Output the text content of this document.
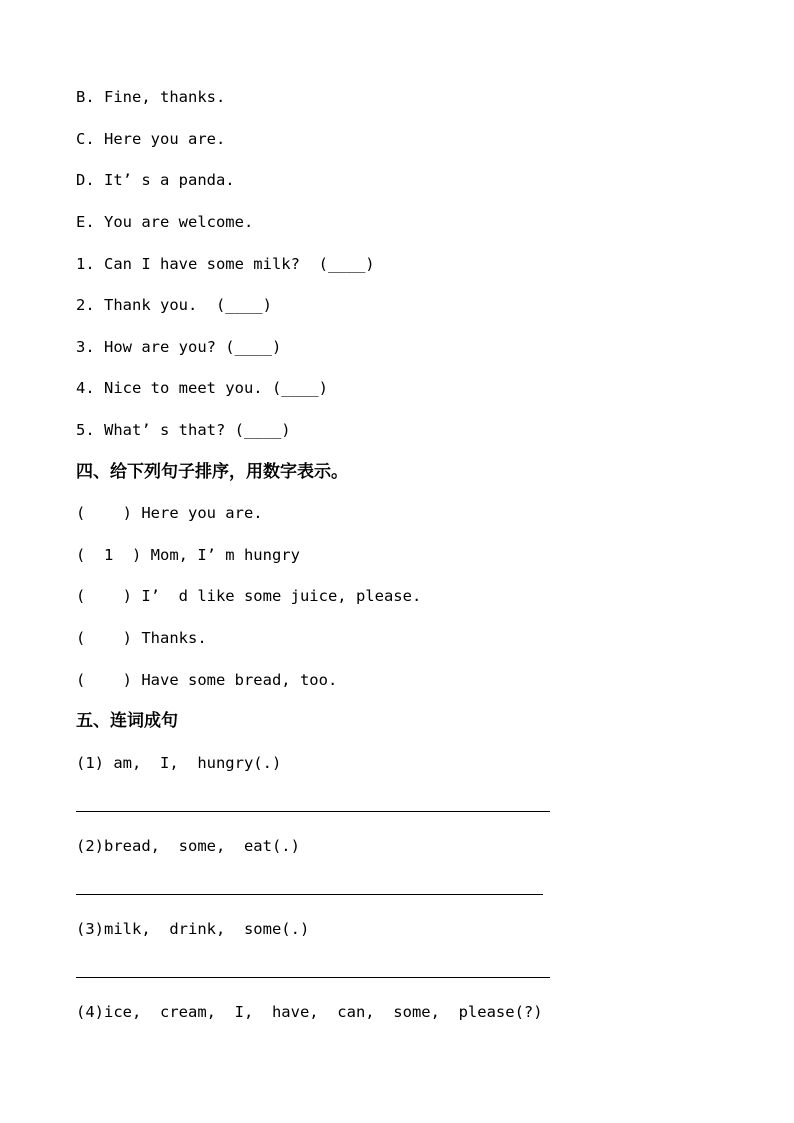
B. Fine, thanks.
C. Here you are.
D. It’ s a panda.
E. You are welcome.
1. Can I have some milk?  (____)
2. Thank you.  (____)
3. How are you? (____)
4. Nice to meet you. (____)
5. What’ s that? (____)
四、给下列句子排序，用数字表示。
(    ) Here you are.
(  1  ) Mom, I’ m hungry
(    ) I’  d like some juice, please.
(    ) Thanks.
(    ) Have some bread, too.
五、连词成句
(1) am,  I,  hungry(.)
(2)bread,  some,  eat(.)
(3)milk,  drink,  some(.)
(4)ice,  cream,  I,  have,  can,  some,  please(?)
